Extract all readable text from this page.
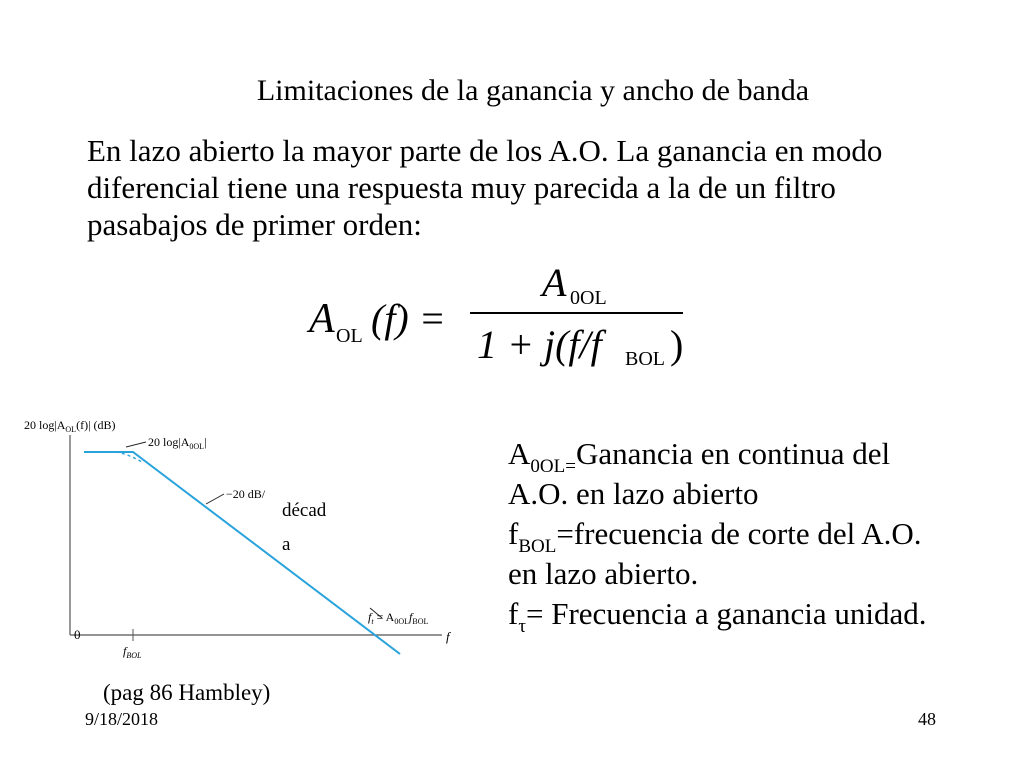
Limitaciones de la ganancia y ancho de banda
En lazo abierto la mayor parte de los A.O. La ganancia en modo
diferencial tiene una respuesta muy parecida a la de un filtro
pasabajos de primer orden:
A OL (f) =
A 0OL
1 + j(f/f BOL )
20 $\log|A_{OL}(f)|$ (dB)
f
0
$f_{BOL}$
20 $\log|A_{0OL}|$
−20 dB/
décad
a
$f_t = A_{0OL}f_{BOL}$
$A_{0OL=}Ganancia$ en continua del
A.O. en lazo abierto
$f_{BOL}=frecuencia$ de corte del A.O.
en lazo abierto.
$f_\tau=$ Frecuencia a ganancia unidad.
(pag 86 Hambley)
9/18/2018	48
